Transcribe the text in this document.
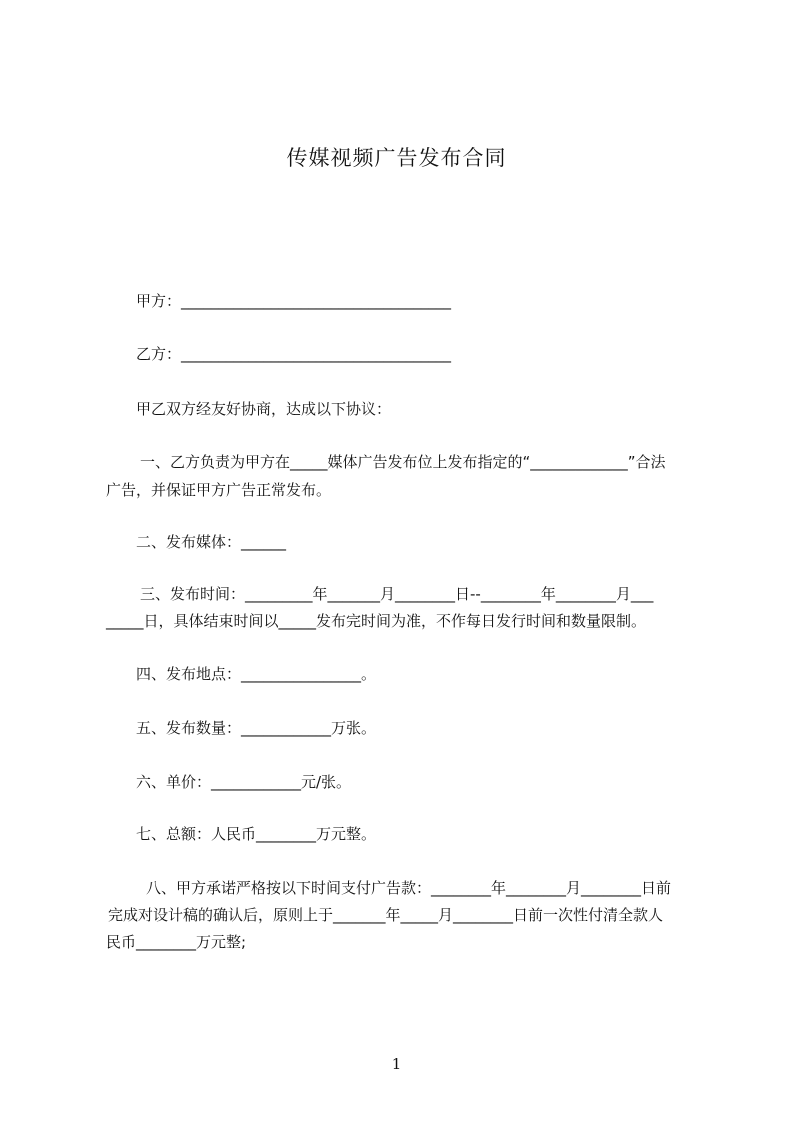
传媒视频广告发布合同
甲方：____________________________________
乙方：____________________________________
甲乙双方经友好协商，达成以下协议：
一、乙方负责为甲方在_____媒体广告发布位上发布指定的“_____________”合法
广告，并保证甲方广告正常发布。
二、发布媒体：______
三、发布时间：_________年_______月________日--________年________月___
_____日，具体结束时间以_____发布完时间为准，不作每日发行时间和数量限制。
四、发布地点：________________。
五、发布数量：____________万张。
六、单价：____________元/张。
七、总额：人民币________万元整。
八、甲方承诺严格按以下时间支付广告款：________年________月________日前
完成对设计稿的确认后，原则上于_______年_____月________日前一次性付清全款人
民币________万元整;
1
